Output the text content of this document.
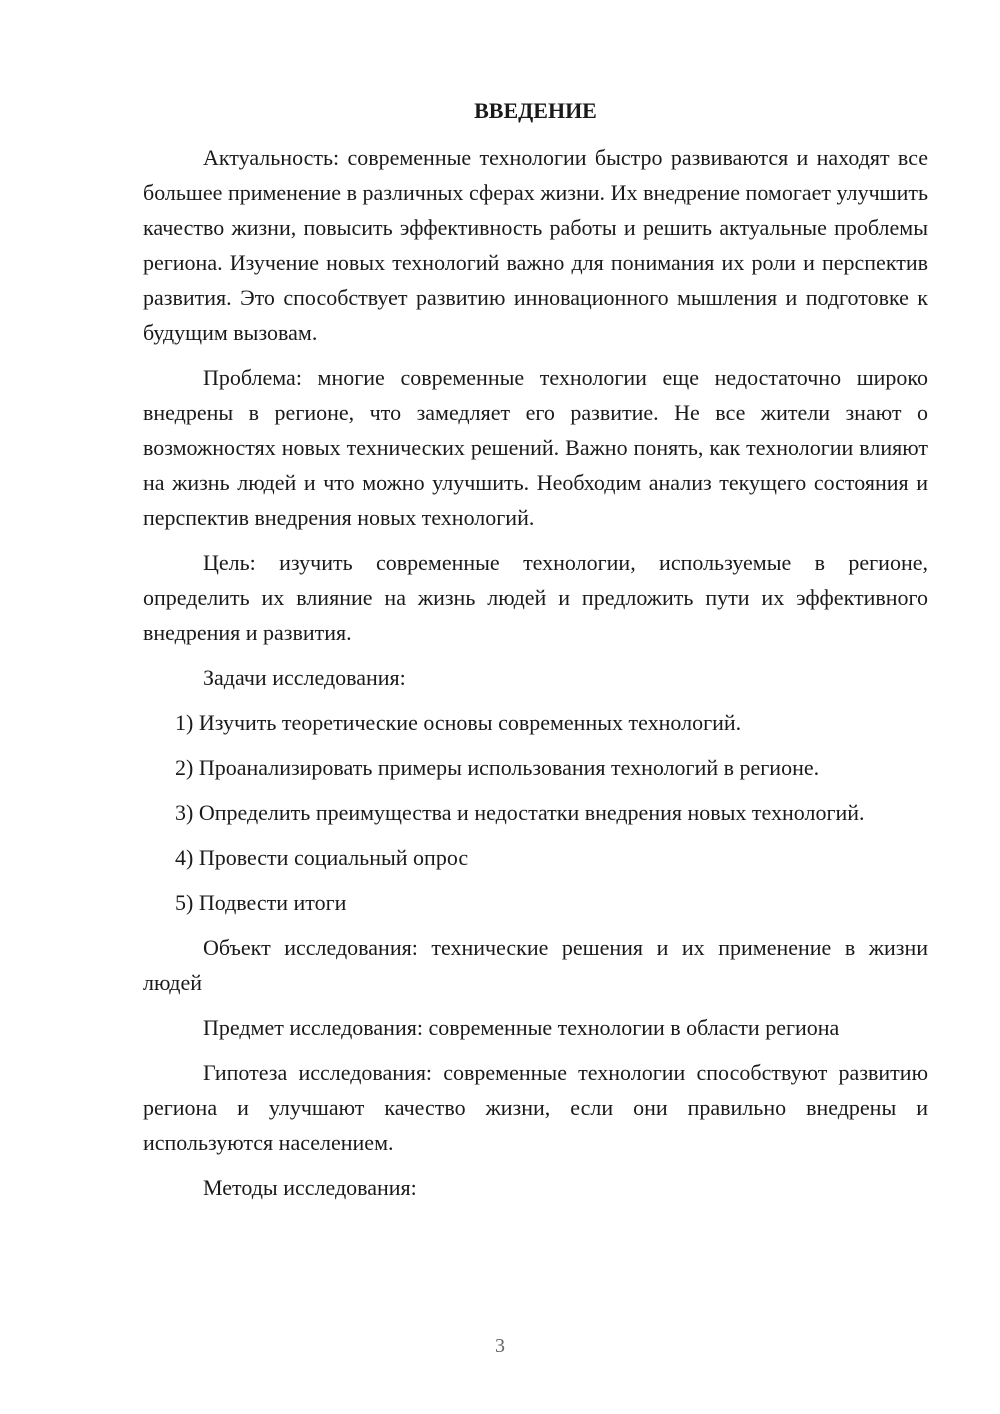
ВВЕДЕНИЕ

Актуальность: современные технологии быстро развиваются и находят все большее применение в различных сферах жизни. Их внедрение помогает улучшить качество жизни, повысить эффективность работы и решить актуальные проблемы региона. Изучение новых технологий важно для понимания их роли и перспектив развития. Это способствует развитию инновационного мышления и подготовке к будущим вызовам.

Проблема: многие современные технологии еще недостаточно широко внедрены в регионе, что замедляет его развитие. Не все жители знают о возможностях новых технических решений. Важно понять, как технологии влияют на жизнь людей и что можно улучшить. Необходим анализ текущего состояния и перспектив внедрения новых технологий.

Цель: изучить современные технологии, используемые в регионе, определить их влияние на жизнь людей и предложить пути их эффективного внедрения и развития.

Задачи исследования:

1) Изучить теоретические основы современных технологий.

2) Проанализировать примеры использования технологий в регионе.

3) Определить преимущества и недостатки внедрения новых технологий.

4) Провести социальный опрос

5) Подвести итоги

Объект исследования: технические решения и их применение в жизни людей

Предмет исследования: современные технологии в области региона

Гипотеза исследования: современные технологии способствуют развитию региона и улучшают качество жизни, если они правильно внедрены и используются населением.

Методы исследования:

3
